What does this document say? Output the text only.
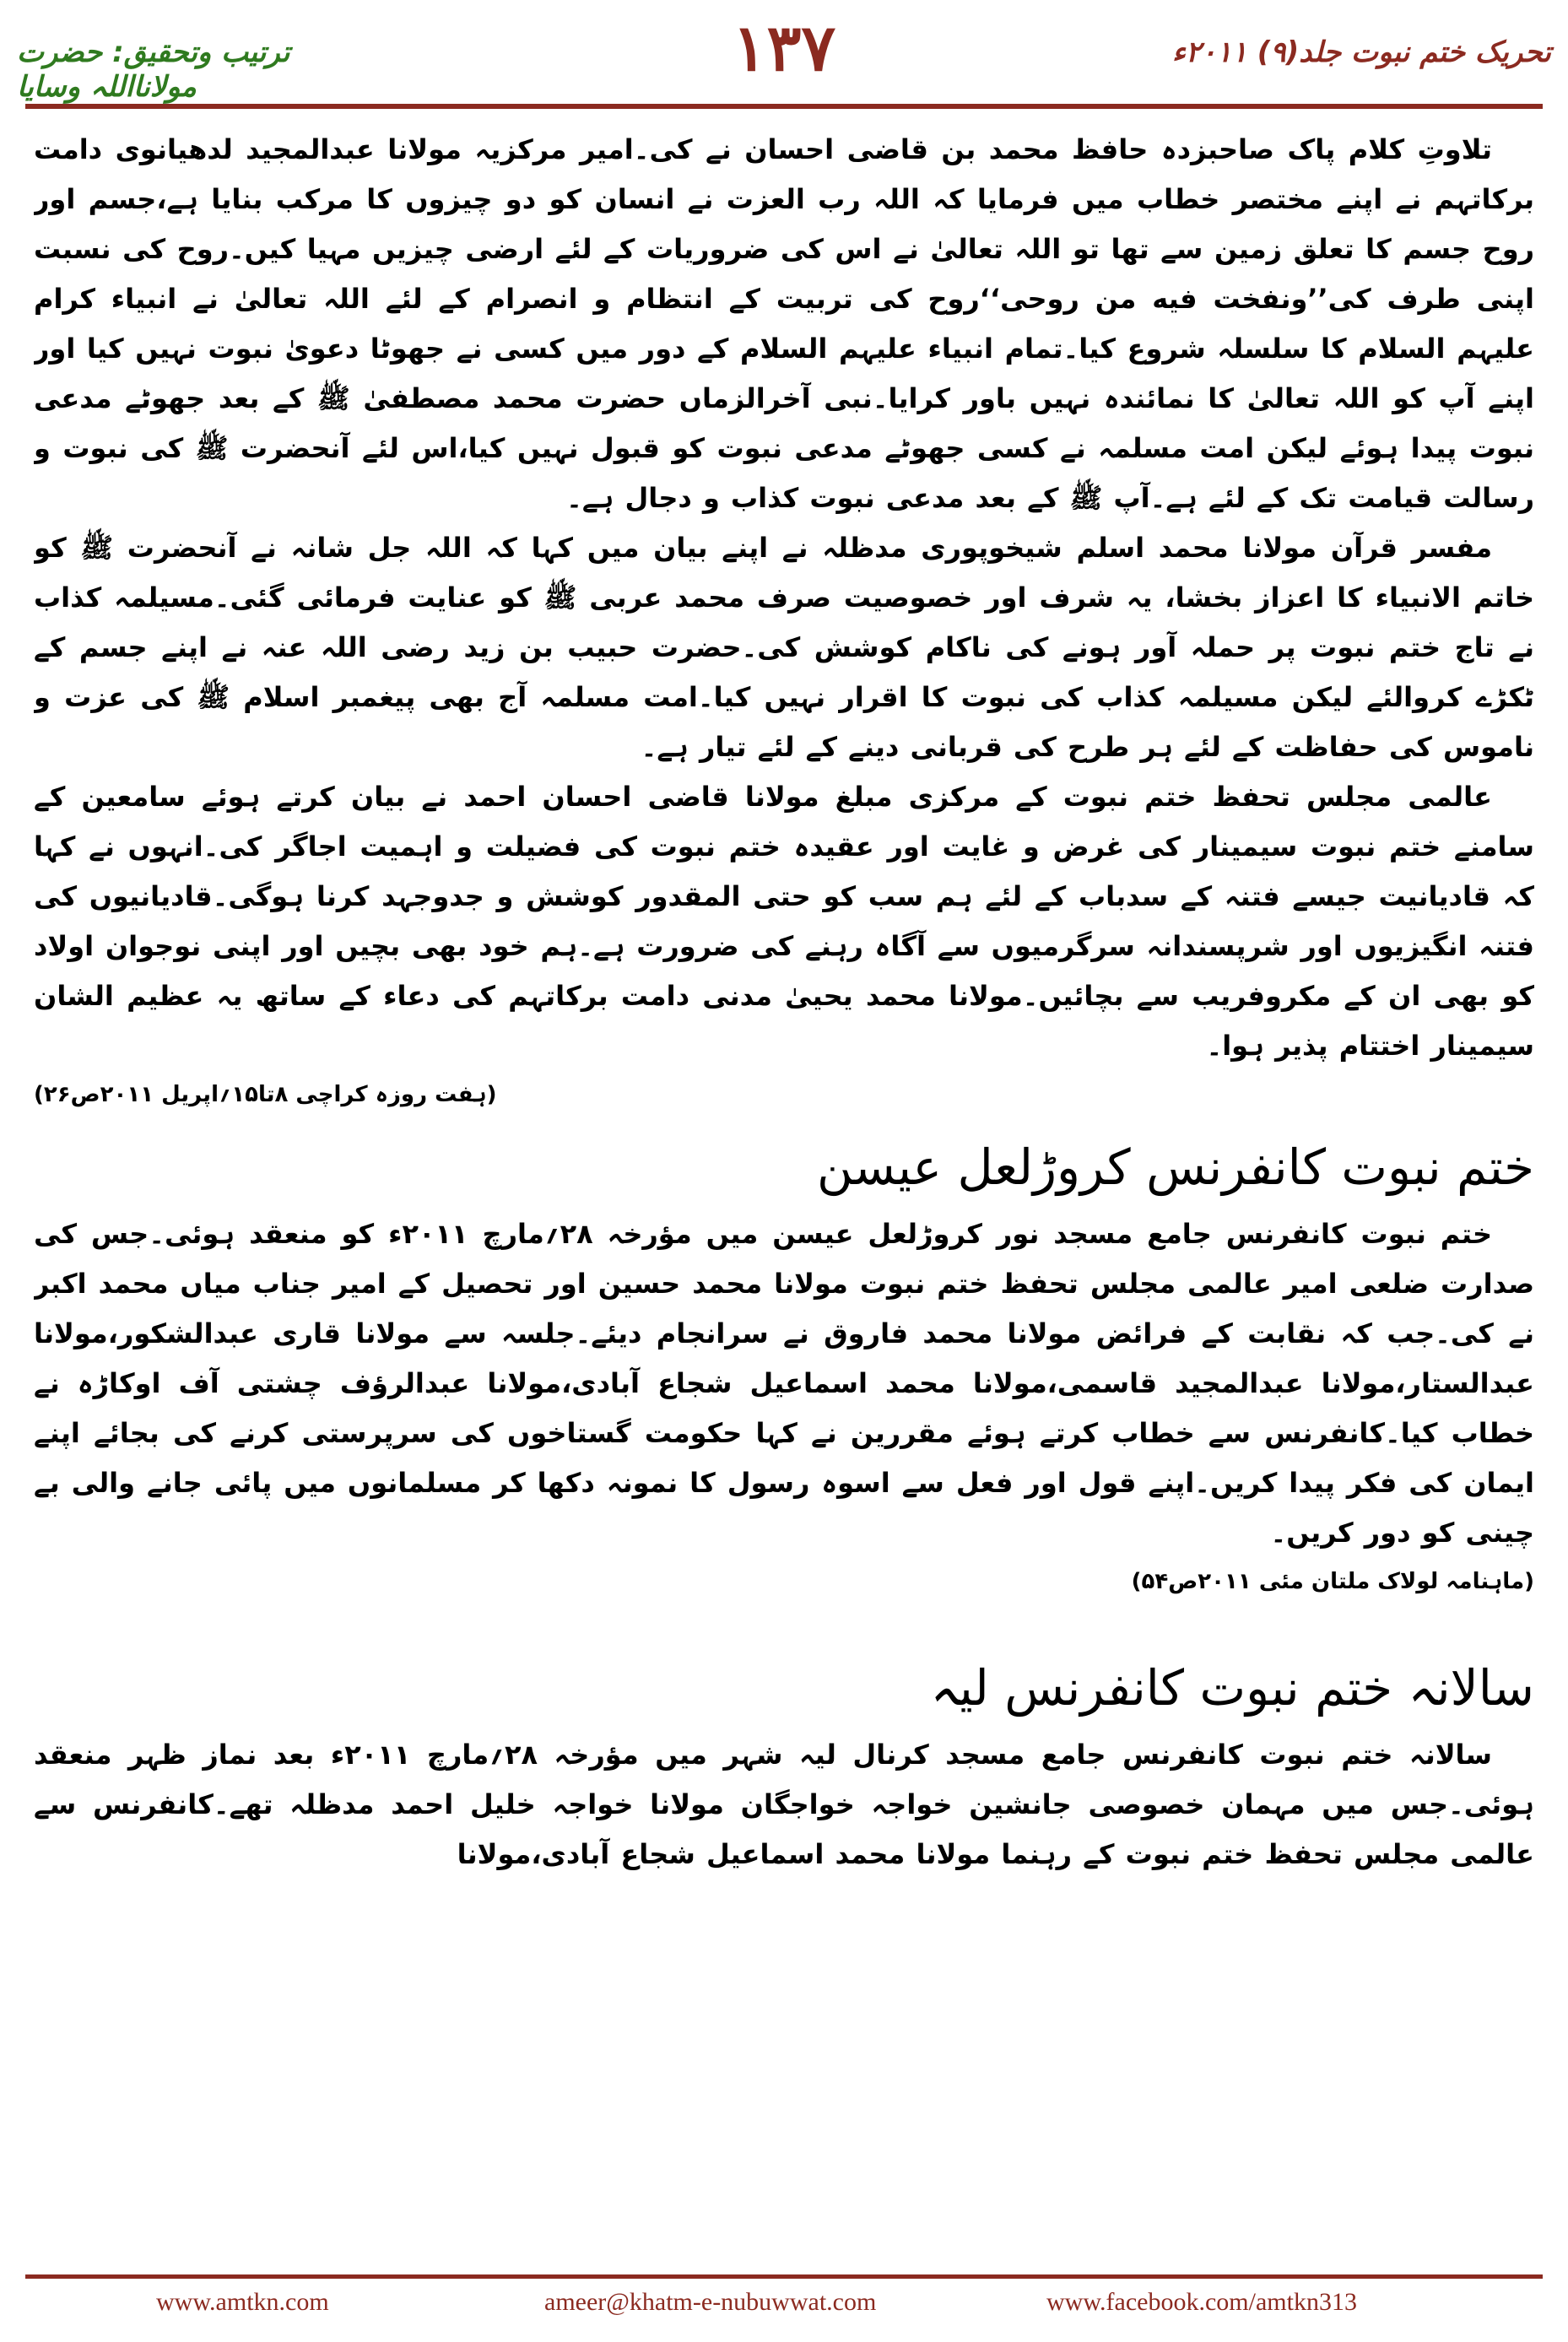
ترتیب وتحقیق: حضرت مولانااللہ وسایا
۱۳۷	تحریک ختم نبوت جلد(۹) ۲۰۱۱ء

تلاوتِ کلام پاک صاحبزدہ حافظ محمد بن قاضی احسان نے کی۔امیر مرکزیہ مولانا عبدالمجید لدھیانوی دامت برکاتہم نے اپنے مختصر خطاب میں فرمایا کہ اللہ رب العزت نے انسان کو دو چیزوں کا مرکب بنایا ہے،جسم اور روح جسم کا تعلق زمین سے تھا تو اللہ تعالیٰ نے اس کی ضروریات کے لئے ارضی چیزیں مہیا کیں۔روح کی نسبت اپنی طرف کی’’ونفخت فیه من روحی‘‘روح کی تربیت کے انتظام و انصرام کے لئے اللہ تعالیٰ نے انبیاء کرام علیہم السلام کا سلسلہ شروع کیا۔تمام انبیاء علیہم السلام کے دور میں کسی نے جھوٹا دعویٰ نبوت نہیں کیا اور اپنے آپ کو اللہ تعالیٰ کا نمائندہ نہیں باور کرایا۔نبی آخرالزماں حضرت محمد مصطفیٰ ﷺ کے بعد جھوٹے مدعی نبوت پیدا ہوئے لیکن امت مسلمہ نے کسی جھوٹے مدعی نبوت کو قبول نہیں کیا،اس لئے آنحضرت ﷺ کی نبوت و رسالت قیامت تک کے لئے ہے۔آپ ﷺ کے بعد مدعی نبوت کذاب و دجال ہے۔

مفسر قرآن مولانا محمد اسلم شیخوپوری مدظلہ نے اپنے بیان میں کہا کہ اللہ جل شانہ نے آنحضرت ﷺ کو خاتم الانبیاء کا اعزاز بخشا، یہ شرف اور خصوصیت صرف محمد عربی ﷺ کو عنایت فرمائی گئی۔مسیلمہ کذاب نے تاج ختم نبوت پر حملہ آور ہونے کی ناکام کوشش کی۔حضرت حبیب بن زید رضی اللہ عنہ نے اپنے جسم کے ٹکڑے کروالئے لیکن مسیلمہ کذاب کی نبوت کا اقرار نہیں کیا۔امت مسلمہ آج بھی پیغمبر اسلام ﷺ کی عزت و ناموس کی حفاظت کے لئے ہر طرح کی قربانی دینے کے لئے تیار ہے۔

عالمی مجلس تحفظ ختم نبوت کے مرکزی مبلغ مولانا قاضی احسان احمد نے بیان کرتے ہوئے سامعین کے سامنے ختم نبوت سیمینار کی غرض و غایت اور عقیدہ ختم نبوت کی فضیلت و اہمیت اجاگر کی۔انہوں نے کہا کہ قادیانیت جیسے فتنہ کے سدباب کے لئے ہم سب کو حتی المقدور کوشش و جدوجہد کرنا ہوگی۔قادیانیوں کی فتنہ انگیزیوں اور شرپسندانہ سرگرمیوں سے آگاہ رہنے کی ضرورت ہے۔ہم خود بھی بچیں اور اپنی نوجوان اولاد کو بھی ان کے مکروفریب سے بچائیں۔مولانا محمد یحییٰ مدنی دامت برکاتہم کی دعاء کے ساتھ یہ عظیم الشان سیمینار اختتام پذیر ہوا۔

(ہفت روزہ کراچی ۸تا۱۵؍اپریل ۲۰۱۱ص۲۶)

ختم نبوت کانفرنس کروڑلعل عیسن

ختم نبوت کانفرنس جامع مسجد نور کروڑلعل عیسن میں مؤرخہ ۲۸؍مارچ ۲۰۱۱ء کو منعقد ہوئی۔جس کی صدارت ضلعی امیر عالمی مجلس تحفظ ختم نبوت مولانا محمد حسین اور تحصیل کے امیر جناب میاں محمد اکبر نے کی۔جب کہ نقابت کے فرائض مولانا محمد فاروق نے سرانجام دیئے۔جلسہ سے مولانا قاری عبدالشکور،مولانا عبدالستار،مولانا عبدالمجید قاسمی،مولانا محمد اسماعیل شجاع آبادی،مولانا عبدالرؤف چشتی آف اوکاڑہ نے خطاب کیا۔کانفرنس سے خطاب کرتے ہوئے مقررین نے کہا حکومت گستاخوں کی سرپرستی کرنے کی بجائے اپنے ایمان کی فکر پیدا کریں۔اپنے قول اور فعل سے اسوہ رسول کا نمونہ دکھا کر مسلمانوں میں پائی جانے والی بے چینی کو دور کریں۔

(ماہنامہ لولاک ملتان مئی ۲۰۱۱ص۵۴)

سالانہ ختم نبوت کانفرنس لیہ

سالانہ ختم نبوت کانفرنس جامع مسجد کرنال لیہ شہر میں مؤرخہ ۲۸؍مارچ ۲۰۱۱ء بعد نماز ظہر منعقد ہوئی۔جس میں مہمان خصوصی جانشین خواجہ خواجگان مولانا خواجہ خلیل احمد مدظلہ تھے۔کانفرنس سے عالمی مجلس تحفظ ختم نبوت کے رہنما مولانا محمد اسماعیل شجاع آبادی،مولانا

www.amtkn.com	ameer@khatm-e-nubuwwat.com	www.facebook.com/amtkn313
